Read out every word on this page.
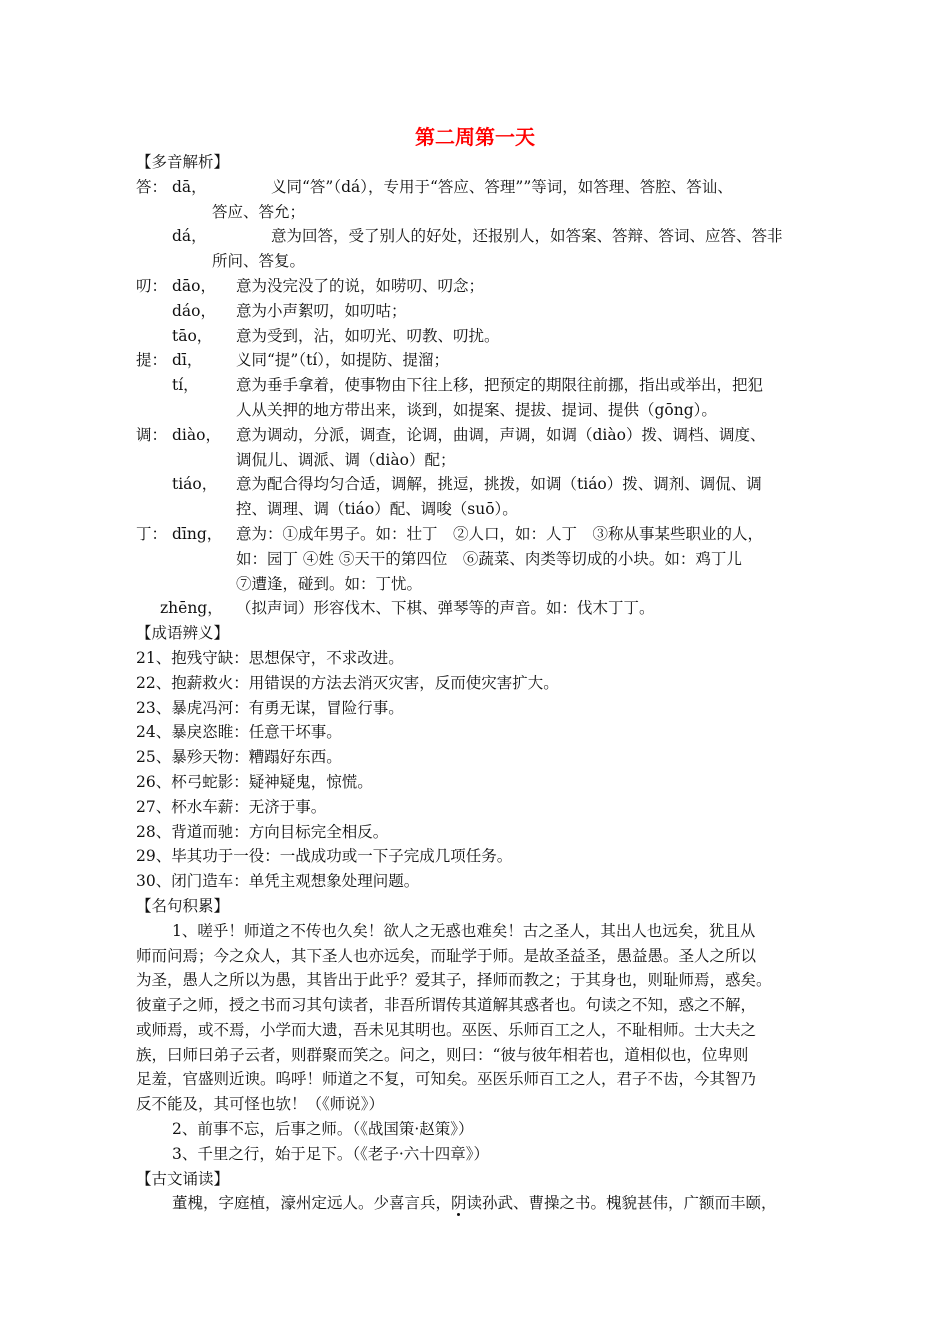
第二周第一天
【多音解析】
答： dā，	义同“答”（dá），专用于“答应、答理””等词，如答理、答腔、答讪、
答应、答允；
dá，	意为回答，受了别人的好处，还报别人，如答案、答辩、答词、应答、答非
所问、答复。
叨： dāo， 意为没完没了的说，如唠叨、叨念；
dáo， 意为小声絮叨，如叨咕；
tāo， 意为受到，沾，如叨光、叨教、叨扰。
提： dī， 义同“提”（tí），如提防、提溜；
tí， 意为垂手拿着，使事物由下往上移，把预定的期限往前挪，指出或举出，把犯
人从关押的地方带出来，谈到，如提案、提拔、提词、提供（gōng）。
调： diào， 意为调动，分派，调查，论调，曲调，声调，如调（diào）拨、调档、调度、
调侃儿、调派、调（diào）配；
tiáo， 意为配合得均匀合适，调解，挑逗，挑拨，如调（tiáo）拨、调剂、调侃、调
控、调理、调（tiáo）配、调唆（suō）。
丁： dīng， 意为：①成年男子。如：壮丁　②人口，如：人丁　③称从事某些职业的人，
如：园丁 ④姓 ⑤天干的第四位　⑥蔬菜、肉类等切成的小块。如：鸡丁儿
⑦遭逢，碰到。如：丁忧。
zhēng， （拟声词）形容伐木、下棋、弹琴等的声音。如：伐木丁丁。
【成语辨义】
21、抱残守缺：思想保守，不求改进。
22、抱薪救火：用错误的方法去消灭灾害，反而使灾害扩大。
23、暴虎冯河：有勇无谋，冒险行事。
24、暴戾恣睢：任意干坏事。
25、暴殄天物：糟蹋好东西。
26、杯弓蛇影：疑神疑鬼，惊慌。
27、杯水车薪：无济于事。
28、背道而驰：方向目标完全相反。
29、毕其功于一役：一战成功或一下子完成几项任务。
30、闭门造车：单凭主观想象处理问题。
【名句积累】
1、嗟乎！师道之不传也久矣！欲人之无惑也难矣！古之圣人，其出人也远矣，犹且从
师而问焉；今之众人，其下圣人也亦远矣，而耻学于师。是故圣益圣，愚益愚。圣人之所以
为圣，愚人之所以为愚，其皆出于此乎？爱其子，择师而教之；于其身也，则耻师焉，惑矣。
彼童子之师，授之书而习其句读者，非吾所谓传其道解其惑者也。句读之不知，惑之不解，
或师焉，或不焉，小学而大遗，吾未见其明也。巫医、乐师百工之人，不耻相师。士大夫之
族，曰师曰弟子云者，则群聚而笑之。问之，则曰：“彼与彼年相若也，道相似也，位卑则
足羞，官盛则近谀。呜呼！师道之不复，可知矣。巫医乐师百工之人，君子不齿，今其智乃
反不能及，其可怪也欤！（《师说》）
2、前事不忘，后事之师。（《战国策·赵策》）
3、千里之行，始于足下。（《老子·六十四章》）
【古文诵读】
董槐，字庭植，濠州定远人。少喜言兵，阴读孙武、曹操之书。槐貌甚伟，广额而丰颐，
